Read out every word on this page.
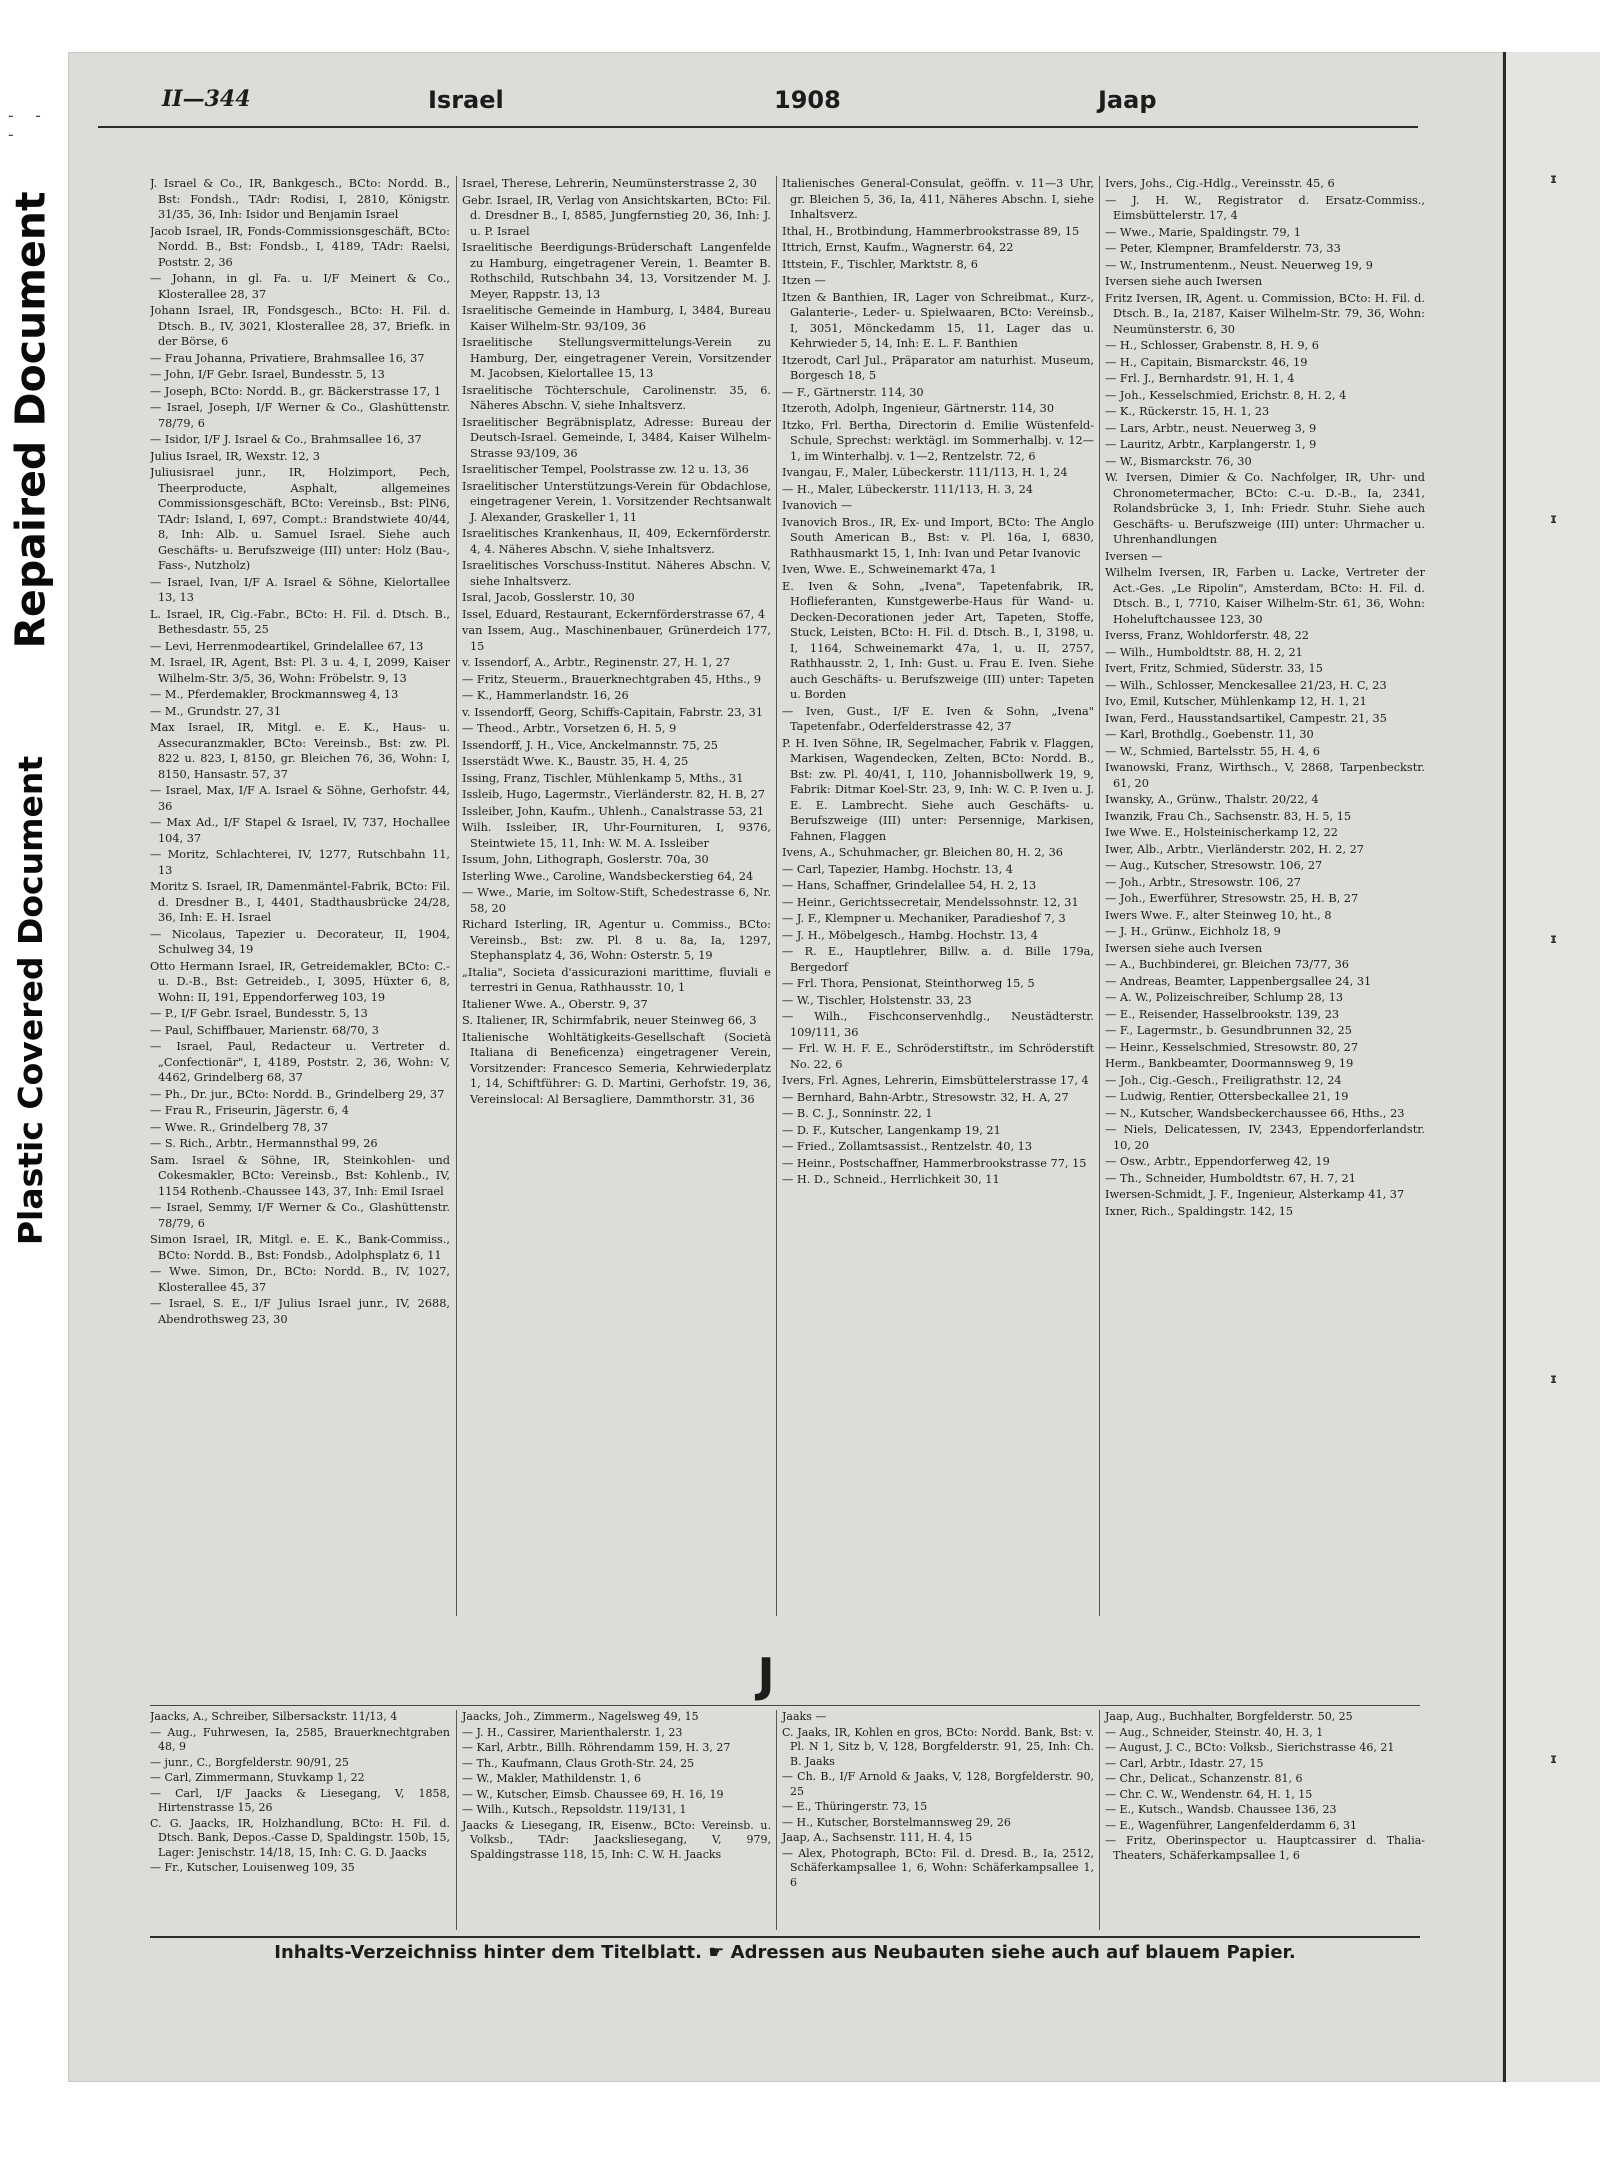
- - -
Repaired Document
Plastic Covered Document
ɪ
ɪ
ɪ
ɪ
ɪ
II—344	Israel	1908	Jaap

J. Israel & Co., IR, Bankgesch., BCto: Nordd. B., Bst: Fondsh., TAdr: Rodisi, I, 2810, Königstr. 31/35, 36, Inh: Isidor und Benjamin Israel

Jacob Israel, IR, Fonds-Commissionsgeschäft, BCto: Nordd. B., Bst: Fondsb., I, 4189, TAdr: Raelsi, Poststr. 2, 36

— Johann, in gl. Fa. u. I/F Meinert & Co., Klosterallee 28, 37

Johann Israel, IR, Fondsgesch., BCto: H. Fil. d. Dtsch. B., IV, 3021, Klosterallee 28, 37, Briefk. in der Börse, 6

— Frau Johanna, Privatiere, Brahmsallee 16, 37

— John, I/F Gebr. Israel, Bundesstr. 5, 13

— Joseph, BCto: Nordd. B., gr. Bäckerstrasse 17, 1

— Israel, Joseph, I/F Werner & Co., Glashüttenstr. 78/79, 6

— Isidor, I/F J. Israel & Co., Brahmsallee 16, 37

Julius Israel, IR, Wexstr. 12, 3

Juliusisrael junr., IR, Holzimport, Pech, Theerproducte, Asphalt, allgemeines Commissionsgeschäft, BCto: Vereinsb., Bst: PlN6, TAdr: Island, I, 697, Compt.: Brandstwiete 40/44, 8, Inh: Alb. u. Samuel Israel. Siehe auch Geschäfts- u. Berufszweige (III) unter: Holz (Bau-, Fass-, Nutzholz)

— Israel, Ivan, I/F A. Israel & Söhne, Kielortallee 13, 13

L. Israel, IR, Cig.-Fabr., BCto: H. Fil. d. Dtsch. B., Bethesdastr. 55, 25

— Levi, Herrenmodeartikel, Grindelallee 67, 13

M. Israel, IR, Agent, Bst: Pl. 3 u. 4, I, 2099, Kaiser Wilhelm-Str. 3/5, 36, Wohn: Fröbelstr. 9, 13

— M., Pferdemakler, Brockmannsweg 4, 13

— M., Grundstr. 27, 31

Max Israel, IR, Mitgl. e. E. K., Haus- u. Assecuranzmakler, BCto: Vereinsb., Bst: zw. Pl. 822 u. 823, I, 8150, gr. Bleichen 76, 36, Wohn: I, 8150, Hansastr. 57, 37

— Israel, Max, I/F A. Israel & Söhne, Gerhofstr. 44, 36

— Max Ad., I/F Stapel & Israel, IV, 737, Hochallee 104, 37

— Moritz, Schlachterei, IV, 1277, Rutschbahn 11, 13

Moritz S. Israel, IR, Damenmäntel-Fabrik, BCto: Fil. d. Dresdner B., I, 4401, Stadthausbrücke 24/28, 36, Inh: E. H. Israel

— Nicolaus, Tapezier u. Decorateur, II, 1904, Schulweg 34, 19

Otto Hermann Israel, IR, Getreidemakler, BCto: C.- u. D.-B., Bst: Getreideb., I, 3095, Hüxter 6, 8, Wohn: II, 191, Eppendorferweg 103, 19

— P., I/F Gebr. Israel, Bundesstr. 5, 13

— Paul, Schiffbauer, Marienstr. 68/70, 3

— Israel, Paul, Redacteur u. Vertreter d. „Confectionär", I, 4189, Poststr. 2, 36, Wohn: V, 4462, Grindelberg 68, 37

— Ph., Dr. jur., BCto: Nordd. B., Grindelberg 29, 37

— Frau R., Friseurin, Jägerstr. 6, 4

— Wwe. R., Grindelberg 78, 37

— S. Rich., Arbtr., Hermannsthal 99, 26

Sam. Israel & Söhne, IR, Steinkohlen- und Cokesmakler, BCto: Vereinsb., Bst: Kohlenb., IV, 1154 Rothenb.-Chaussee 143, 37, Inh: Emil Israel

— Israel, Semmy, I/F Werner & Co., Glashüttenstr. 78/79, 6

Simon Israel, IR, Mitgl. e. E. K., Bank-Commiss., BCto: Nordd. B., Bst: Fondsb., Adolphsplatz 6, 11

— Wwe. Simon, Dr., BCto: Nordd. B., IV, 1027, Klosterallee 45, 37

— Israel, S. E., I/F Julius Israel junr., IV, 2688, Abendrothsweg 23, 30

Israel, Therese, Lehrerin, Neumünsterstrasse 2, 30

Gebr. Israel, IR, Verlag von Ansichtskarten, BCto: Fil. d. Dresdner B., I, 8585, Jungfernstieg 20, 36, Inh: J. u. P. Israel

Israelitische Beerdigungs-Brüderschaft Langenfelde zu Hamburg, eingetragener Verein, 1. Beamter B. Rothschild, Rutschbahn 34, 13, Vorsitzender M. J. Meyer, Rappstr. 13, 13

Israelitische Gemeinde in Hamburg, I, 3484, Bureau Kaiser Wilhelm-Str. 93/109, 36

Israelitische Stellungsvermittelungs-Verein zu Hamburg, Der, eingetragener Verein, Vorsitzender M. Jacobsen, Kielortallee 15, 13

Israelitische Töchterschule, Carolinenstr. 35, 6. Näheres Abschn. V, siehe Inhaltsverz.

Israelitischer Begräbnisplatz, Adresse: Bureau der Deutsch-Israel. Gemeinde, I, 3484, Kaiser Wilhelm-Strasse 93/109, 36

Israelitischer Tempel, Poolstrasse zw. 12 u. 13, 36

Israelitischer Unterstützungs-Verein für Obdachlose, eingetragener Verein, 1. Vorsitzender Rechtsanwalt J. Alexander, Graskeller 1, 11

Israelitisches Krankenhaus, II, 409, Eckernförderstr. 4, 4. Näheres Abschn. V, siehe Inhaltsverz.

Israelitisches Vorschuss-Institut. Näheres Abschn. V, siehe Inhaltsverz.

Isral, Jacob, Gosslerstr. 10, 30

Issel, Eduard, Restaurant, Eckernförderstrasse 67, 4

van Issem, Aug., Maschinenbauer, Grünerdeich 177, 15

v. Issendorf, A., Arbtr., Reginenstr. 27, H. 1, 27

— Fritz, Steuerm., Brauerknechtgraben 45, Hths., 9

— K., Hammerlandstr. 16, 26

v. Issendorff, Georg, Schiffs-Capitain, Fabrstr. 23, 31

— Theod., Arbtr., Vorsetzen 6, H. 5, 9

Issendorff, J. H., Vice, Anckelmannstr. 75, 25

Isserstädt Wwe. K., Baustr. 35, H. 4, 25

Issing, Franz, Tischler, Mühlenkamp 5, Mths., 31

Issleib, Hugo, Lagermstr., Vierländerstr. 82, H. B, 27

Issleiber, John, Kaufm., Uhlenh., Canalstrasse 53, 21

Wilh. Issleiber, IR, Uhr-Fournituren, I, 9376, Steintwiete 15, 11, Inh: W. M. A. Issleiber

Issum, John, Lithograph, Goslerstr. 70a, 30

Isterling Wwe., Caroline, Wandsbeckerstieg 64, 24

— Wwe., Marie, im Soltow-Stift, Schedestrasse 6, Nr. 58, 20

Richard Isterling, IR, Agentur u. Commiss., BCto: Vereinsb., Bst: zw. Pl. 8 u. 8a, Ia, 1297, Stephansplatz 4, 36, Wohn: Osterstr. 5, 19

„Italia", Societa d'assicurazioni marittime, fluviali e terrestri in Genua, Rathhausstr. 10, 1

Italiener Wwe. A., Oberstr. 9, 37

S. Italiener, IR, Schirmfabrik, neuer Steinweg 66, 3

Italienische Wohltätigkeits-Gesellschaft (Società Italiana di Beneficenza) eingetragener Verein, Vorsitzender: Francesco Semeria, Kehrwiederplatz 1, 14, Schiftführer: G. D. Martini, Gerhofstr. 19, 36, Vereinslocal: Al Bersagliere, Dammthorstr. 31, 36

Italienisches General-Consulat, geöffn. v. 11—3 Uhr, gr. Bleichen 5, 36, Ia, 411, Näheres Abschn. I, siehe Inhaltsverz.

Ithal, H., Brotbindung, Hammerbrookstrasse 89, 15

Ittrich, Ernst, Kaufm., Wagnerstr. 64, 22

Ittstein, F., Tischler, Marktstr. 8, 6

Itzen —

Itzen & Banthien, IR, Lager von Schreibmat., Kurz-, Galanterie-, Leder- u. Spielwaaren, BCto: Vereinsb., I, 3051, Mönckedamm 15, 11, Lager das u. Kehrwieder 5, 14, Inh: E. L. F. Banthien

Itzerodt, Carl Jul., Präparator am naturhist. Museum, Borgesch 18, 5

— F., Gärtnerstr. 114, 30

Itzeroth, Adolph, Ingenieur, Gärtnerstr. 114, 30

Itzko, Frl. Bertha, Directorin d. Emilie Wüstenfeld-Schule, Sprechst: werktägl. im Sommerhalbj. v. 12—1, im Winterhalbj. v. 1—2, Rentzelstr. 72, 6

Ivangau, F., Maler, Lübeckerstr. 111/113, H. 1, 24

— H., Maler, Lübeckerstr. 111/113, H. 3, 24

Ivanovich —

Ivanovich Bros., IR, Ex- und Import, BCto: The Anglo South American B., Bst: v. Pl. 16a, I, 6830, Rathhausmarkt 15, 1, Inh: Ivan und Petar Ivanovic

Iven, Wwe. E., Schweinemarkt 47a, 1

E. Iven & Sohn, „Ivena", Tapetenfabrik, IR, Hoflieferanten, Kunstgewerbe-Haus für Wand- u. Decken-Decorationen jeder Art, Tapeten, Stoffe, Stuck, Leisten, BCto: H. Fil. d. Dtsch. B., I, 3198, u. I, 1164, Schweinemarkt 47a, 1, u. II, 2757, Rathhausstr. 2, 1, Inh: Gust. u. Frau E. Iven. Siehe auch Geschäfts- u. Berufszweige (III) unter: Tapeten u. Borden

— Iven, Gust., I/F E. Iven & Sohn, „Ivena" Tapetenfabr., Oderfelderstrasse 42, 37

P. H. Iven Söhne, IR, Segelmacher, Fabrik v. Flaggen, Markisen, Wagendecken, Zelten, BCto: Nordd. B., Bst: zw. Pl. 40/41, I, 110, Johannisbollwerk 19, 9, Fabrik: Ditmar Koel-Str. 23, 9, Inh: W. C. P. Iven u. J. E. E. Lambrecht. Siehe auch Geschäfts- u. Berufszweige (III) unter: Persennige, Markisen, Fahnen, Flaggen

Ivens, A., Schuhmacher, gr. Bleichen 80, H. 2, 36

— Carl, Tapezier, Hambg. Hochstr. 13, 4

— Hans, Schaffner, Grindelallee 54, H. 2, 13

— Heinr., Gerichtssecretair, Mendelssohnstr. 12, 31

— J. F., Klempner u. Mechaniker, Paradieshof 7, 3

— J. H., Möbelgesch., Hambg. Hochstr. 13, 4

— R. E., Hauptlehrer, Billw. a. d. Bille 179a, Bergedorf

— Frl. Thora, Pensionat, Steinthorweg 15, 5

— W., Tischler, Holstenstr. 33, 23

— Wilh., Fischconservenhdlg., Neustädterstr. 109/111, 36

— Frl. W. H. F. E., Schröderstiftstr., im Schröderstift No. 22, 6

Ivers, Frl. Agnes, Lehrerin, Eimsbüttelerstrasse 17, 4

— Bernhard, Bahn-Arbtr., Stresowstr. 32, H. A, 27

— B. C. J., Sonninstr. 22, 1

— D. F., Kutscher, Langenkamp 19, 21

— Fried., Zollamtsassist., Rentzelstr. 40, 13

— Heinr., Postschaffner, Hammerbrookstrasse 77, 15

— H. D., Schneid., Herrlichkeit 30, 11

Ivers, Johs., Cig.-Hdlg., Vereinsstr. 45, 6

— J. H. W., Registrator d. Ersatz-Commiss., Eimsbüttelerstr. 17, 4

— Wwe., Marie, Spaldingstr. 79, 1

— Peter, Klempner, Bramfelderstr. 73, 33

— W., Instrumentenm., Neust. Neuerweg 19, 9

Iversen siehe auch Iwersen

Fritz Iversen, IR, Agent. u. Commission, BCto: H. Fil. d. Dtsch. B., Ia, 2187, Kaiser Wilhelm-Str. 79, 36, Wohn: Neumünsterstr. 6, 30

— H., Schlosser, Grabenstr. 8, H. 9, 6

— H., Capitain, Bismarckstr. 46, 19

— Frl. J., Bernhardstr. 91, H. 1, 4

— Joh., Kesselschmied, Erichstr. 8, H. 2, 4

— K., Rückerstr. 15, H. 1, 23

— Lars, Arbtr., neust. Neuerweg 3, 9

— Lauritz, Arbtr., Karplangerstr. 1, 9

— W., Bismarckstr. 76, 30

W. Iversen, Dimier & Co. Nachfolger, IR, Uhr- und Chronometermacher, BCto: C.-u. D.-B., Ia, 2341, Rolandsbrücke 3, 1, Inh: Friedr. Stuhr. Siehe auch Geschäfts- u. Berufszweige (III) unter: Uhrmacher u. Uhrenhandlungen

Iversen —

Wilhelm Iversen, IR, Farben u. Lacke, Vertreter der Act.-Ges. „Le Ripolin", Amsterdam, BCto: H. Fil. d. Dtsch. B., I, 7710, Kaiser Wilhelm-Str. 61, 36, Wohn: Hoheluftchaussee 123, 30

Iverss, Franz, Wohldorferstr. 48, 22

— Wilh., Humboldtstr. 88, H. 2, 21

Ivert, Fritz, Schmied, Süderstr. 33, 15

— Wilh., Schlosser, Menckesallee 21/23, H. C, 23

Ivo, Emil, Kutscher, Mühlenkamp 12, H. 1, 21

Iwan, Ferd., Hausstandsartikel, Campestr. 21, 35

— Karl, Brothdlg., Goebenstr. 11, 30

— W., Schmied, Bartelsstr. 55, H. 4, 6

Iwanowski, Franz, Wirthsch., V, 2868, Tarpenbeckstr. 61, 20

Iwansky, A., Grünw., Thalstr. 20/22, 4

Iwanzik, Frau Ch., Sachsenstr. 83, H. 5, 15

Iwe Wwe. E., Holsteinischerkamp 12, 22

Iwer, Alb., Arbtr., Vierländerstr. 202, H. 2, 27

— Aug., Kutscher, Stresowstr. 106, 27

— Joh., Arbtr., Stresowstr. 106, 27

— Joh., Ewerführer, Stresowstr. 25, H. B, 27

Iwers Wwe. F., alter Steinweg 10, ht., 8

— J. H., Grünw., Eichholz 18, 9

Iwersen siehe auch Iversen

— A., Buchbinderei, gr. Bleichen 73/77, 36

— Andreas, Beamter, Lappenbergsallee 24, 31

— A. W., Polizeischreiber, Schlump 28, 13

— E., Reisender, Hasselbrookstr. 139, 23

— F., Lagermstr., b. Gesundbrunnen 32, 25

— Heinr., Kesselschmied, Stresowstr. 80, 27

Herm., Bankbeamter, Doormannsweg 9, 19

— Joh., Cig.-Gesch., Freiligrathstr. 12, 24

— Ludwig, Rentier, Ottersbeckallee 21, 19

— N., Kutscher, Wandsbeckerchaussee 66, Hths., 23

— Niels, Delicatessen, IV, 2343, Eppendorferlandstr. 10, 20

— Osw., Arbtr., Eppendorferweg 42, 19

— Th., Schneider, Humboldtstr. 67, H. 7, 21

Iwersen-Schmidt, J. F., Ingenieur, Alsterkamp 41, 37

Ixner, Rich., Spaldingstr. 142, 15

J

Jaacks, A., Schreiber, Silbersackstr. 11/13, 4

— Aug., Fuhrwesen, Ia, 2585, Brauerknechtgraben 48, 9

— junr., C., Borgfelderstr. 90/91, 25

— Carl, Zimmermann, Stuvkamp 1, 22

— Carl, I/F Jaacks & Liesegang, V, 1858, Hirtenstrasse 15, 26

C. G. Jaacks, IR, Holzhandlung, BCto: H. Fil. d. Dtsch. Bank, Depos.-Casse D, Spaldingstr. 150b, 15, Lager: Jenischstr. 14/18, 15, Inh: C. G. D. Jaacks

— Fr., Kutscher, Louisenweg 109, 35

Jaacks, Joh., Zimmerm., Nagelsweg 49, 15

— J. H., Cassirer, Marienthalerstr. 1, 23

— Karl, Arbtr., Billh. Röhrendamm 159, H. 3, 27

— Th., Kaufmann, Claus Groth-Str. 24, 25

— W., Makler, Mathildenstr. 1, 6

— W., Kutscher, Eimsb. Chaussee 69, H. 16, 19

— Wilh., Kutsch., Repsoldstr. 119/131, 1

Jaacks & Liesegang, IR, Eisenw., BCto: Vereinsb. u. Volksb., TAdr: Jaacksliesegang, V, 979, Spaldingstrasse 118, 15, Inh: C. W. H. Jaacks

Jaaks —

C. Jaaks, IR, Kohlen en gros, BCto: Nordd. Bank, Bst: v. Pl. N 1, Sitz b, V, 128, Borgfelderstr. 91, 25, Inh: Ch. B. Jaaks

— Ch. B., I/F Arnold & Jaaks, V, 128, Borgfelderstr. 90, 25

— E., Thüringerstr. 73, 15

— H., Kutscher, Borstelmannsweg 29, 26

Jaap, A., Sachsenstr. 111, H. 4, 15

— Alex, Photograph, BCto: Fil. d. Dresd. B., Ia, 2512, Schäferkampsallee 1, 6, Wohn: Schäferkampsallee 1, 6

Jaap, Aug., Buchhalter, Borgfelderstr. 50, 25

— Aug., Schneider, Steinstr. 40, H. 3, 1

— August, J. C., BCto: Volksb., Sierichstrasse 46, 21

— Carl, Arbtr., Idastr. 27, 15

— Chr., Delicat., Schanzenstr. 81, 6

— Chr. C. W., Wendenstr. 64, H. 1, 15

— E., Kutsch., Wandsb. Chaussee 136, 23

— E., Wagenführer, Langenfelderdamm 6, 31

— Fritz, Oberinspector u. Hauptcassirer d. Thalia-Theaters, Schäferkampsallee 1, 6

Inhalts-Verzeichniss hinter dem Titelblatt. ☛ Adressen aus Neubauten siehe auch auf blauem Papier.
